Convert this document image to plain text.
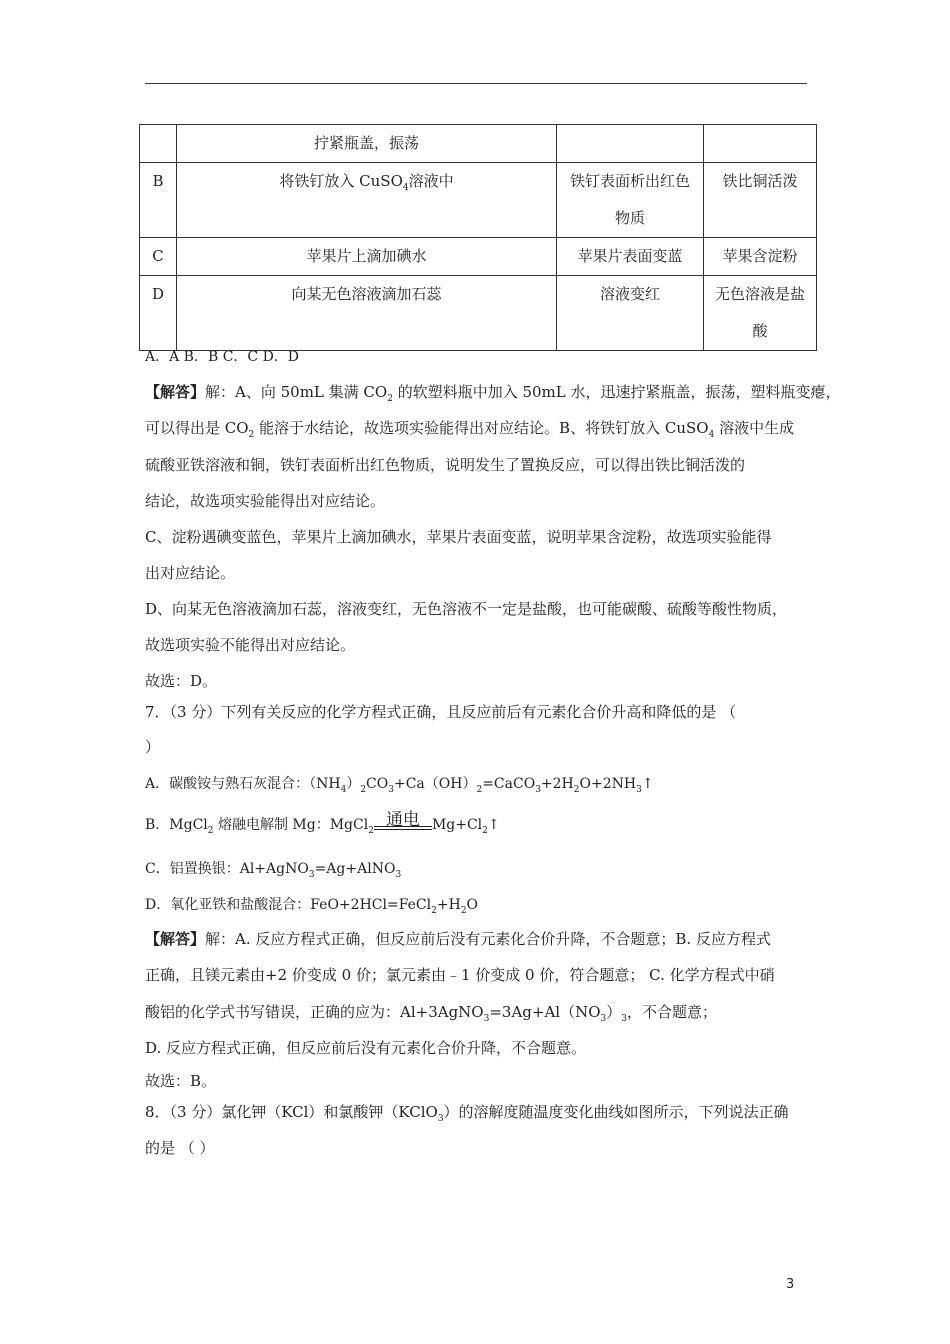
	拧紧瓶盖，振荡		
B	将铁钉放入 CuSO$_4$溶液中	铁钉表面析出红色物质	铁比铜活泼
C	苹果片上滴加碘水	苹果片表面变蓝	苹果含淀粉
D	向某无色溶液滴加石蕊	溶液变红	无色溶液是盐酸
A．A B．B C．C D．D
【解答】解：A、向 50mL 集满 $CO_2$ 的软塑料瓶中加入 50mL 水，迅速拧紧瓶盖，振荡，塑料瓶变瘪，
可以得出是 $CO_2$ 能溶于水结论，故选项实验能得出对应结论。B、将铁钉放入 CuSO$_4$ 溶液中生成
硫酸亚铁溶液和铜，铁钉表面析出红色物质，说明发生了置换反应，可以得出铁比铜活泼的
结论，故选项实验能得出对应结论。
C、淀粉遇碘变蓝色，苹果片上滴加碘水，苹果片表面变蓝，说明苹果含淀粉，故选项实验能得
出对应结论。
D、向某无色溶液滴加石蕊，溶液变红，无色溶液不一定是盐酸，也可能碳酸、硫酸等酸性物质，
故选项实验不能得出对应结论。
故选：D。
7．（3 分）下列有关反应的化学方程式正确，且反应前后有元素化合价升高和降低的是 （
）
A．碳酸铵与熟石灰混合：$(NH_4)_2CO_3+Ca(OH)_2=CaCO_3+2H_2O+2NH_3↑$
B．MgCl$_2$ 熔融电解制 Mg：MgCl$_2$
通电 $Mg+Cl_2↑$
C．铝置换银：Al+AgNO$_3$=Ag+AlNO$_3$
D．氧化亚铁和盐酸混合：$FeO+2HCl=FeCl_2+H_2O$
【解答】解：A. 反应方程式正确，但反应前后没有元素化合价升降，不合题意；B. 反应方程式
正确，且镁元素由+2 价变成 0 价；氯元素由﹣1 价变成 0 价，符合题意； C. 化学方程式中硝
酸铝的化学式书写错误，正确的应为：$Al+3AgNO_3=3Ag+Al(NO_3)_3$，不合题意；
D. 反应方程式正确，但反应前后没有元素化合价升降，不合题意。
故选：B。
8．（3 分）氯化钾（KCl）和氯酸钾（KClO$_3$）的溶解度随温度变化曲线如图所示，下列说法正确
的是 （ ）
3
